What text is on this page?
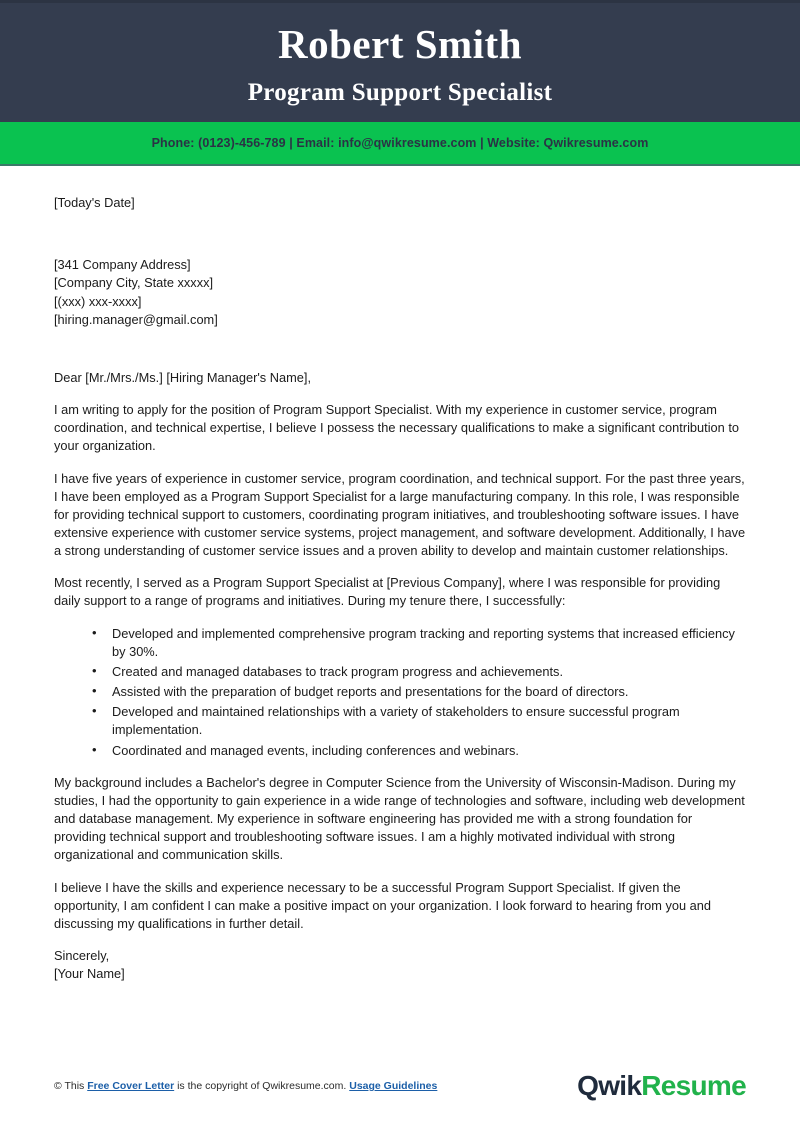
Robert Smith
Program Support Specialist
Phone: (0123)-456-789 | Email: info@qwikresume.com | Website: Qwikresume.com
[Today's Date]
[341 Company Address]
[Company City, State xxxxx]
[(xxx) xxx-xxxx]
[hiring.manager@gmail.com]
Dear [Mr./Mrs./Ms.] [Hiring Manager's Name],

I am writing to apply for the position of Program Support Specialist. With my experience in customer service, program coordination, and technical expertise, I believe I possess the necessary qualifications to make a significant contribution to your organization.

I have five years of experience in customer service, program coordination, and technical support. For the past three years, I have been employed as a Program Support Specialist for a large manufacturing company. In this role, I was responsible for providing technical support to customers, coordinating program initiatives, and troubleshooting software issues. I have extensive experience with customer service systems, project management, and software development. Additionally, I have a strong understanding of customer service issues and a proven ability to develop and maintain customer relationships.

Most recently, I served as a Program Support Specialist at [Previous Company], where I was responsible for providing daily support to a range of programs and initiatives. During my tenure there, I successfully:

• Developed and implemented comprehensive program tracking and reporting systems that increased efficiency by 30%.
• Created and managed databases to track program progress and achievements.
• Assisted with the preparation of budget reports and presentations for the board of directors.
• Developed and maintained relationships with a variety of stakeholders to ensure successful program implementation.
• Coordinated and managed events, including conferences and webinars.

My background includes a Bachelor's degree in Computer Science from the University of Wisconsin-Madison. During my studies, I had the opportunity to gain experience in a wide range of technologies and software, including web development and database management. My experience in software engineering has provided me with a strong foundation for providing technical support and troubleshooting software issues. I am a highly motivated individual with strong organizational and communication skills.

I believe I have the skills and experience necessary to be a successful Program Support Specialist. If given the opportunity, I am confident I can make a positive impact on your organization. I look forward to hearing from you and discussing my qualifications in further detail.

Sincerely,
[Your Name]
© This Free Cover Letter is the copyright of Qwikresume.com. Usage Guidelines	Qwik Resume
